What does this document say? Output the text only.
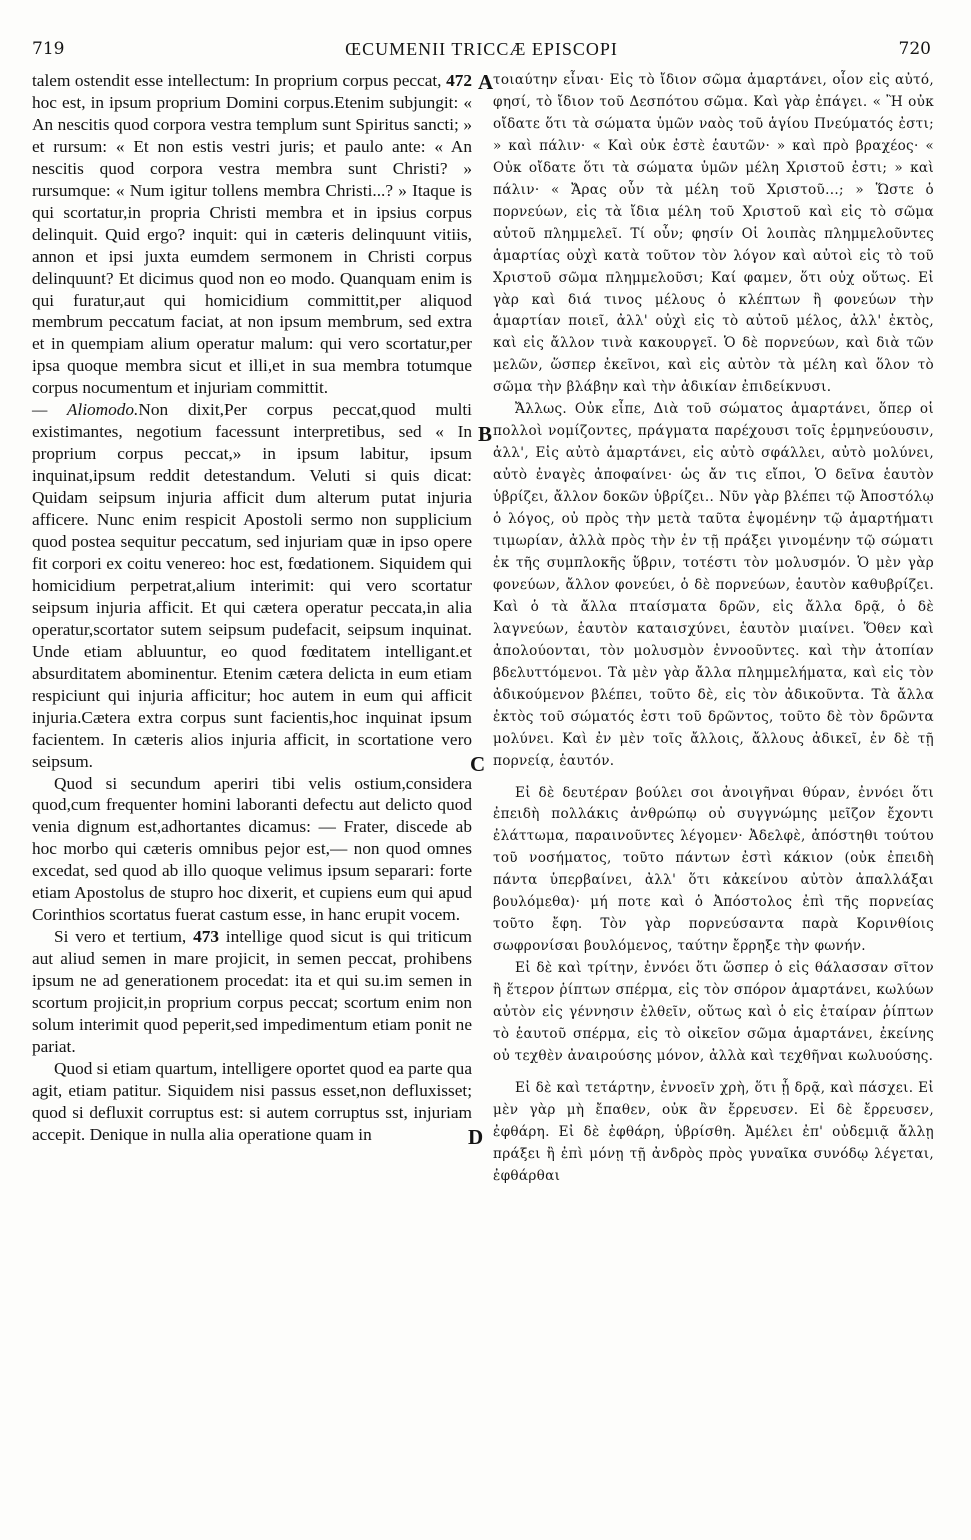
719	ŒCUMENII TRICCÆ EPISCOPI	720
A
B
C
D

talem ostendit esse intellectum: In proprium corpus peccat, 472 hoc est, in ipsum proprium Domini corpus.Etenim subjungit: « An nescitis quod corpora vestra templum sunt Spiritus sancti; » et rursum: « Et non estis vestri juris; et paulo ante: « An nescitis quod corpora vestra membra sunt Christi? » rursumque: « Num igitur tollens membra Christi...? » Itaque is qui scortatur,in propria Christi membra et in ipsius corpus delinquit. Quid ergo? inquit: qui in cæteris delinquunt vitiis, annon et ipsi juxta eumdem sermonem in Christi corpus delinquunt? Et dicimus quod non eo modo. Quanquam enim is qui furatur,aut qui homicidium committit,per aliquod membrum peccatum faciat, at non ipsum membrum, sed extra et in quempiam alium operatur malum: qui vero scortatur,per ipsa quoque membra sicut et illi,et in sua membra totumque corpus nocumentum et injuriam committit.

— Aliomodo.Non dixit,Per corpus peccat,quod multi existimantes, negotium facessunt interpretibus, sed « In proprium corpus peccat,» in ipsum labitur, ipsum inquinat,ipsum reddit detestandum. Veluti si quis dicat: Quidam seipsum injuria afficit dum alterum putat injuria afficere. Nunc enim respicit Apostoli sermo non supplicium quod postea sequitur peccatum, sed injuriam quæ in ipso opere fit corpori ex coitu venereo: hoc est, fœdationem. Siquidem qui homicidium perpetrat,alium interimit: qui vero scortatur seipsum injuria afficit. Et qui cætera operatur peccata,in alia operatur,scortator sutem seipsum pudefacit, seipsum inquinat. Unde etiam abluuntur, eo quod fœditatem intelligant.et absurditatem abominentur. Etenim cætera delicta in eum etiam respiciunt qui injuria afficitur; hoc autem in eum qui afficit injuria.Cætera extra corpus sunt facientis,hoc inquinat ipsum facientem. In cæteris alios injuria afficit, in scortatione vero seipsum.

Quod si secundum aperiri tibi velis ostium,considera quod,cum frequenter homini laboranti defectu aut delicto quod venia dignum est,adhortantes dicamus: — Frater, discede ab hoc morbo qui cæteris omnibus pejor est,— non quod omnes excedat, sed quod ab illo quoque velimus ipsum separari: forte etiam Apostolus de stupro hoc dixerit, et cupiens eum qui apud Corinthios scortatus fuerat castum esse, in hanc erupit vocem.

Si vero et tertium, 473 intellige quod sicut is qui triticum aut aliud semen in mare projicit, in semen peccat, prohibens ipsum ne ad generationem procedat: ita et qui su.im semen in scortum projicit,in proprium corpus peccat; scortum enim non solum interimit quod peperit,sed impedimentum etiam ponit ne pariat.

Quod si etiam quartum, intelligere oportet quod ea parte qua agit, etiam patitur. Siquidem nisi passus esset,non defluxisset; quod si defluxit corruptus est: si autem corruptus sst, injuriam accepit. Denique in nulla alia operatione quam in

τοιαύτην εἶναι· Εἰς τὸ ἴδιον σῶμα ἁμαρτάνει, οἷον εἰς αὐτό, φησί, τὸ ἴδιον τοῦ Δεσπότου σῶμα. Καὶ γὰρ ἐπάγει. « Ἢ οὐκ οἴδατε ὅτι τὰ σώματα ὑμῶν ναὸς τοῦ ἁγίου Πνεύματός ἐστι; » καὶ πάλιν· « Καὶ οὐκ ἐστὲ ἑαυτῶν· » καὶ πρὸ βραχέος· « Οὐκ οἴδατε ὅτι τὰ σώματα ὑμῶν μέλη Χριστοῦ ἐστι; » καὶ πάλιν· « Ἄρας οὖν τὰ μέλη τοῦ Χριστοῦ...; » Ὥστε ὁ πορνεύων, εἰς τὰ ἴδια μέλη τοῦ Χριστοῦ καὶ εἰς τὸ σῶμα αὐτοῦ πλημμελεῖ. Τί οὖν; φησίν Οἱ λοιπὰς πλημμελοῦντες ἁμαρτίας οὐχὶ κατὰ τοῦτον τὸν λόγον καὶ αὐτοὶ εἰς τὸ τοῦ Χριστοῦ σῶμα πλημμελοῦσι; Καί φαμεν, ὅτι οὐχ οὕτως. Εἰ γὰρ καὶ διά τινος μέλους ὁ κλέπτων ἢ φονεύων τὴν ἁμαρτίαν ποιεῖ, ἀλλ' οὐχὶ εἰς τὸ αὐτοῦ μέλος, ἀλλ' ἐκτὸς, καὶ εἰς ἄλλον τινὰ κακουργεῖ. Ὁ δὲ πορνεύων, καὶ διὰ τῶν μελῶν, ὥσπερ ἐκεῖνοι, καὶ εἰς αὐτὸν τὰ μέλη καὶ ὅλον τὸ σῶμα τὴν βλάβην καὶ τὴν ἀδικίαν ἐπιδείκνυσι.

Ἄλλως. Οὐκ εἶπε, Διὰ τοῦ σώματος ἁμαρτάνει, ὅπερ οἱ πολλοὶ νομίζοντες, πράγματα παρέχουσι τοῖς ἑρμηνεύουσιν, ἀλλ', Εἰς αὐτὸ ἁμαρτάνει, εἰς αὐτὸ σφάλλει, αὐτὸ μολύνει, αὐτὸ ἐναγὲς ἀποφαίνει· ὡς ἄν τις εἴποι, Ὁ δεῖνα ἑαυτὸν ὑβρίζει, ἄλλον δοκῶν ὑβρίζει.. Νῦν γὰρ βλέπει τῷ Ἀποστόλῳ ὁ λόγος, οὐ πρὸς τὴν μετὰ ταῦτα ἑψομένην τῷ ἁμαρτήματι τιμωρίαν, ἀλλὰ πρὸς τὴν ἐν τῇ πράξει γινομένην τῷ σώματι ἐκ τῆς συμπλοκῆς ὕβριν, τοτέστι τὸν μολυσμόν. Ὁ μὲν γὰρ φονεύων, ἄλλον φονεύει, ὁ δὲ πορνεύων, ἑαυτὸν καθυβρίζει. Καὶ ὁ τὰ ἄλλα πταίσματα δρῶν, εἰς ἄλλα δρᾷ, ὁ δὲ λαγνεύων, ἑαυτὸν καταισχύνει, ἑαυτὸν μιαίνει. Ὅθεν καὶ ἀπολούονται, τὸν μολυσμὸν ἐννοοῦντες. καὶ τὴν ἀτοπίαν βδελυττόμενοι. Τὰ μὲν γὰρ ἄλλα πλημμελήματα, καὶ εἰς τὸν ἀδικούμενον βλέπει, τοῦτο δὲ, εἰς τὸν ἀδικοῦντα. Τὰ ἄλλα ἐκτὸς τοῦ σώματός ἐστι τοῦ δρῶντος, τοῦτο δὲ τὸν δρῶντα μολύνει. Καὶ ἐν μὲν τοῖς ἄλλοις, ἄλλους ἀδικεῖ, ἐν δὲ τῇ πορνείᾳ, ἑαυτόν.

Εἰ δὲ δευτέραν βούλει σοι ἀνοιγῆναι θύραν, ἐννόει ὅτι ἐπειδὴ πολλάκις ἀνθρώπῳ οὐ συγγνώμης μεῖζον ἔχοντι ἐλάττωμα, παραινοῦντες λέγομεν· Ἀδελφὲ, ἀπόστηθι τούτου τοῦ νοσήματος, τοῦτο πάντων ἐστὶ κάκιον (οὐκ ἐπειδὴ πάντα ὑπερβαίνει, ἀλλ' ὅτι κἀκείνου αὐτὸν ἀπαλλάξαι βουλόμεθα)· μή ποτε καὶ ὁ Ἀπόστολος ἐπὶ τῆς πορνείας τοῦτο ἔφη. Τὸν γὰρ πορνεύσαντα παρὰ Κορινθίοις σωφρονίσαι βουλόμενος, ταύτην ἔρρηξε τὴν φωνήν.

Εἰ δὲ καὶ τρίτην, ἐννόει ὅτι ὥσπερ ὁ εἰς θάλασσαν σῖτον ἢ ἕτερον ῥίπτων σπέρμα, εἰς τὸν σπόρον ἁμαρτάνει, κωλύων αὐτὸν εἰς γέννησιν ἐλθεῖν, οὕτως καὶ ὁ εἰς ἑταίραν ῥίπτων τὸ ἑαυτοῦ σπέρμα, εἰς τὸ οἰκεῖον σῶμα ἁμαρτάνει, ἐκείνης οὐ τεχθὲν ἀναιρούσης μόνον, ἀλλὰ καὶ τεχθῆναι κωλυούσης.

Εἰ δὲ καὶ τετάρτην, ἐννοεῖν χρὴ, ὅτι ᾗ δρᾷ, καὶ πάσχει. Εἰ μὲν γὰρ μὴ ἔπαθεν, οὐκ ἂν ἔρρευσεν. Εἰ δὲ ἔρρευσεν, ἐφθάρη. Εἰ δὲ ἐφθάρη, ὑβρίσθη. Ἀμέλει ἐπ' οὐδεμιᾷ ἄλλῃ πράξει ἢ ἐπὶ μόνῃ τῇ ἀνδρὸς πρὸς γυναῖκα συνόδῳ λέγεται, ἐφθάρθαι
